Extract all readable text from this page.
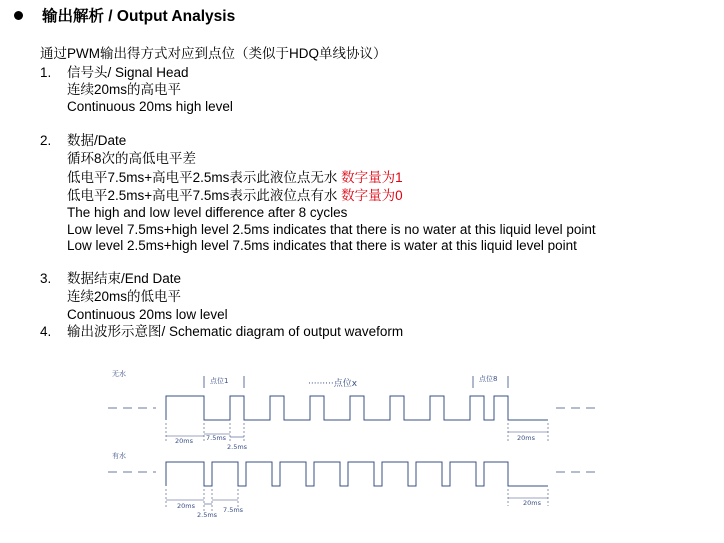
输出解析 / Output Analysis
通过PWM输出得方式对应到点位（类似于HDQ单线协议）
1. 信号头/ Signal Head
连续20ms的高电平
Continuous 20ms high level
2. 数据/Date
循环8次的高低电平差
低电平7.5ms+高电平2.5ms表示此液位点无水 数字量为1
低电平2.5ms+高电平7.5ms表示此液位点有水 数字量为0
The high and low level difference after 8 cycles
Low level 7.5ms+high level 2.5ms indicates that there is no water at this liquid level point
Low level 2.5ms+high level 7.5ms indicates that there is water at this liquid level point
3. 数据结束/End Date
连续20ms的低电平
Continuous 20ms low level
4. 输出波形示意图/ Schematic diagram of output waveform
无水
有水
点位1	·········点位x	点位8
20ms 7.5ms
2.5ms
20ms
20ms
2.5ms
7.5ms
20ms
